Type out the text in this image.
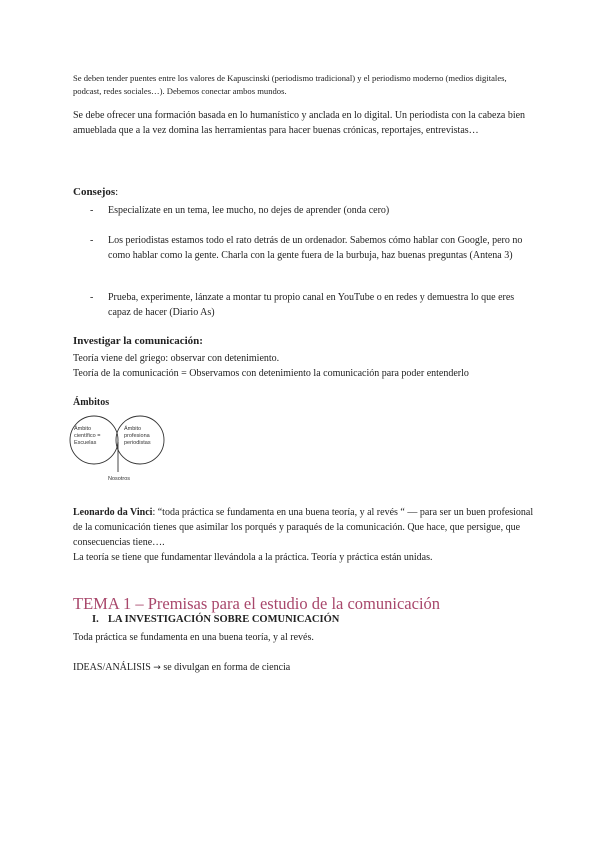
Se deben tender puentes entre los valores de Kapuscinski (periodismo tradicional) y el periodismo moderno (medios digitales, podcast, redes sociales…). Debemos conectar ambos mundos.

Se debe ofrecer una formación basada en lo humanístico y anclada en lo digital. Un periodista con la cabeza bien amueblada que a la vez domina las herramientas para hacer buenas crónicas, reportajes, entrevistas…

Consejos:

- Especialízate en un tema, lee mucho, no dejes de aprender (onda cero)

- Los periodistas estamos todo el rato detrás de un ordenador. Sabemos cómo hablar con Google, pero no como hablar como la gente. Charla con la gente fuera de la burbuja, haz buenas preguntas (Antena 3)

- Prueba, experimente, lánzate a montar tu propio canal en YouTube o en redes y demuestra lo que eres capaz de hacer (Diario As)

Investigar la comunicación:

Teoría viene del griego: observar con detenimiento.

Teoría de la comunicación = Observamos con detenimiento la comunicación para poder entenderlo

Ámbitos

Ámbito
científico =
Escuelas
Ámbito
profesiona
periodistas
Nosotros

Leonardo da Vinci: “toda práctica se fundamenta en una buena teoría, y al revés “ — para ser un buen profesional de la comunicación tienes que asimilar los porqués y paraqués de la comunicación. Que hace, que persigue, que consecuencias tiene….

La teoría se tiene que fundamentar llevándola a la práctica. Teoría y práctica están unidas.

TEMA 1 – Premisas para el estudio de la comunicación

I. LA INVESTIGACIÓN SOBRE COMUNICACIÓN

Toda práctica se fundamenta en una buena teoría, y al revés.

IDEAS/ANÁLISIS → se divulgan en forma de ciencia
